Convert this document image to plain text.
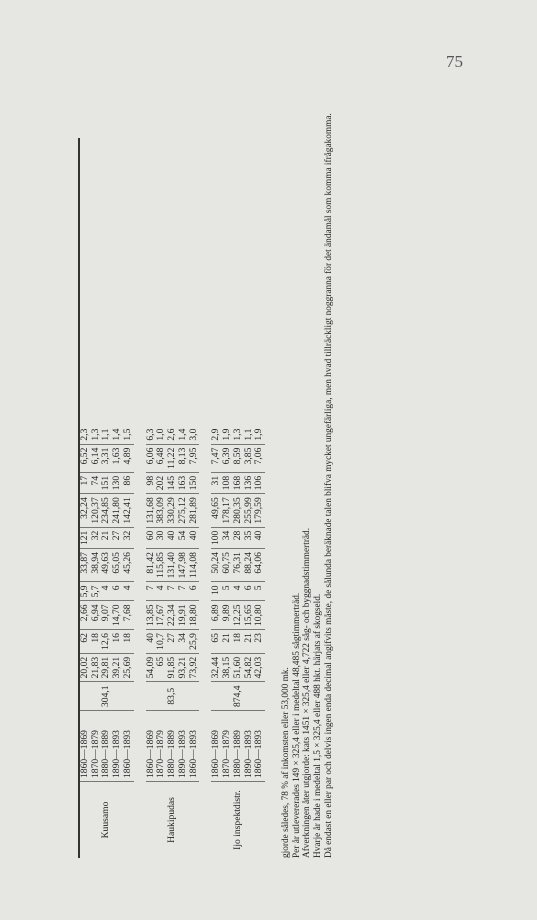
75
Kuusamo	1860—1869	304,1	20,02	62	2,66	5,9	33,87	121	32,24	17	6,52	2,3
	1870—1879		21,83	18	6,94	5,7	38,94	32	120,37	74	6,14	1,3
	1880—1889		29,81	12,6	9,07	4	49,63	21	234,85	151	3,31	1,1
	1890—1893		39,21	16	14,70	6	65,05	27	241,80	130	1,63	1,4
	1860—1893		25,69	18	7,68	4	45,26	32	142,41	86	4,89	1,5

Haukipudas	1860—1869	83,5	54,09	40	13,85	7	81,42	60	131,68	98	6,06	6,3
	1870—1879		65	10,7	17,67	4	115,85	30	383,09	202	6,48	1,0
	1880—1889		91,85	27	22,34	7	131,40	40	330,29	145	11,22	2,6
	1890—1893		93,21	34	19,91	7	147,98	54	275,12	163	8,13	1,4
	1860—1893		73,92	25,9	18,80	6	114,08	40	281,89	150	7,95	3,0

Ijo inspektdistr.	1860—1869	874,4	32,44	65	6,89	10	50,24	100	49,65	31	7,47	2,9
	1870—1879		38,15	21	9,89	5	60,75	34	178,17	108	6,39	1,9
	1880—1889		51,60	18	12,25	4	76,31	28	280,35	168	8,59	1,3
	1890—1893		54,82	21	15,65	6	88,24	35	255,99	136	3,85	1,1
	1860—1893		42,03	23	10,80	5	64,06	40	179,59	106	7,06	1,9
gjorde således, 78 % af inkomsten eller 53,000 mk. Per år utlevererades 149 × 325,4 eller i medeltal 48,485 sågtimmerträd. Afverkningen åter utgjorde: kats 1451 × 325,4 eller 4,722 såg- och byggnadstimmerträd. Hvarje år hade i medeltal 1,5 × 325,4 eller 488 hkt. härjats af skogseld. Då endast en eller par och delvis ingen enda decimal angifvits måste, de sålunda beräknade talen blifva mycket ungefärliga, men hvad tillräckligt noggranna för det ändamål som komma ifrågakomma.
